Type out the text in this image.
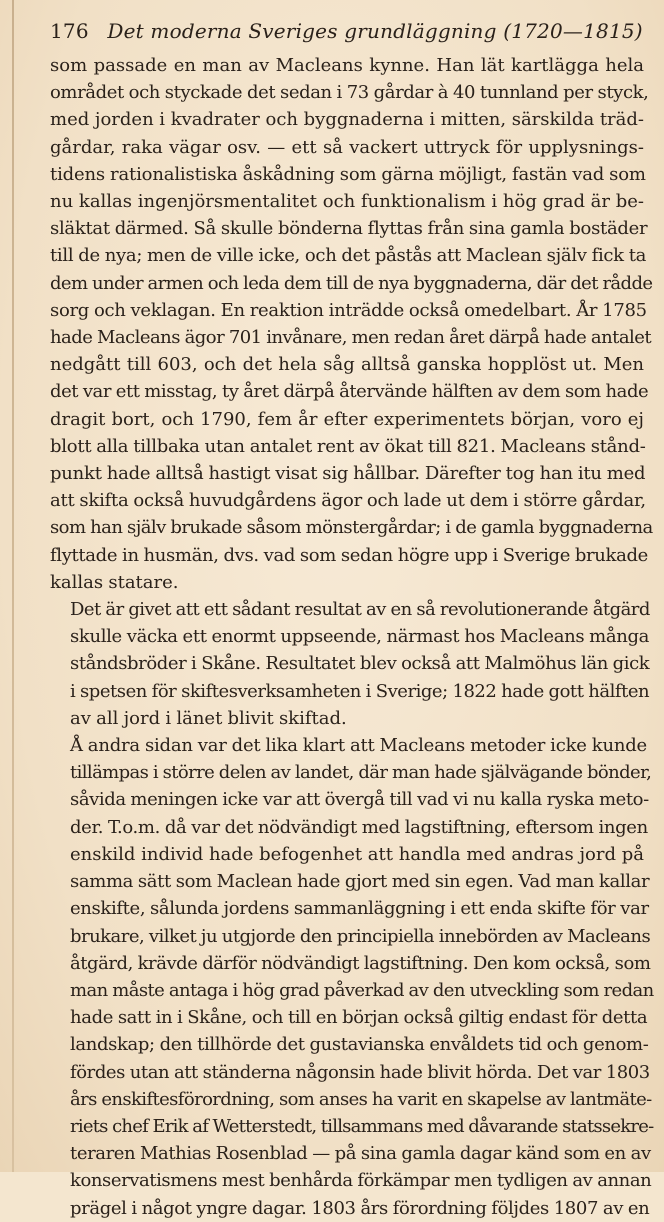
176 Det moderna Sveriges grundläggning (1720—1815)

som passade en man av Macleans kynne. Han lät kartlägga hela
området och styckade det sedan i 73 gårdar à 40 tunnland per styck,
med jorden i kvadrater och byggnaderna i mitten, särskilda träd-
gårdar, raka vägar osv. — ett så vackert uttryck för upplysnings-
tidens rationalistiska åskådning som gärna möjligt, fastän vad som
nu kallas ingenjörsmentalitet och funktionalism i hög grad är be-
släktat därmed. Så skulle bönderna flyttas från sina gamla bostäder
till de nya; men de ville icke, och det påstås att Maclean själv fick ta
dem under armen och leda dem till de nya byggnaderna, där det rådde
sorg och veklagan. En reaktion inträdde också omedelbart. År 1785
hade Macleans ägor 701 invånare, men redan året därpå hade antalet
nedgått till 603, och det hela såg alltså ganska hopplöst ut. Men
det var ett misstag, ty året därpå återvände hälften av dem som hade
dragit bort, och 1790, fem år efter experimentets början, voro ej
blott alla tillbaka utan antalet rent av ökat till 821. Macleans stånd-
punkt hade alltså hastigt visat sig hållbar. Därefter tog han itu med
att skifta också huvudgårdens ägor och lade ut dem i större gårdar,
som han själv brukade såsom mönstergårdar; i de gamla byggnaderna
flyttade in husmän, dvs. vad som sedan högre upp i Sverige brukade
kallas statare.

Det är givet att ett sådant resultat av en så revolutionerande åtgärd
skulle väcka ett enormt uppseende, närmast hos Macleans många
ståndsbröder i Skåne. Resultatet blev också att Malmöhus län gick
i spetsen för skiftesverksamheten i Sverige; 1822 hade gott hälften
av all jord i länet blivit skiftad.

Å andra sidan var det lika klart att Macleans metoder icke kunde
tillämpas i större delen av landet, där man hade självägande bönder,
såvida meningen icke var att övergå till vad vi nu kalla ryska meto-
der. T.o.m. då var det nödvändigt med lagstiftning, eftersom ingen
enskild individ hade befogenhet att handla med andras jord på
samma sätt som Maclean hade gjort med sin egen. Vad man kallar
enskifte, sålunda jordens sammanläggning i ett enda skifte för var
brukare, vilket ju utgjorde den principiella innebörden av Macleans
åtgärd, krävde därför nödvändigt lagstiftning. Den kom också, som
man måste antaga i hög grad påverkad av den utveckling som redan
hade satt in i Skåne, och till en början också giltig endast för detta
landskap; den tillhörde det gustavianska envåldets tid och genom-
fördes utan att ständerna någonsin hade blivit hörda. Det var 1803
års enskiftesförordning, som anses ha varit en skapelse av lantmäte-
riets chef Erik af Wetterstedt, tillsammans med dåvarande statssekre-
teraren Mathias Rosenblad — på sina gamla dagar känd som en av
konservatismens mest benhårda förkämpar men tydligen av annan
prägel i något yngre dagar. 1803 års förordning följdes 1807 av en
